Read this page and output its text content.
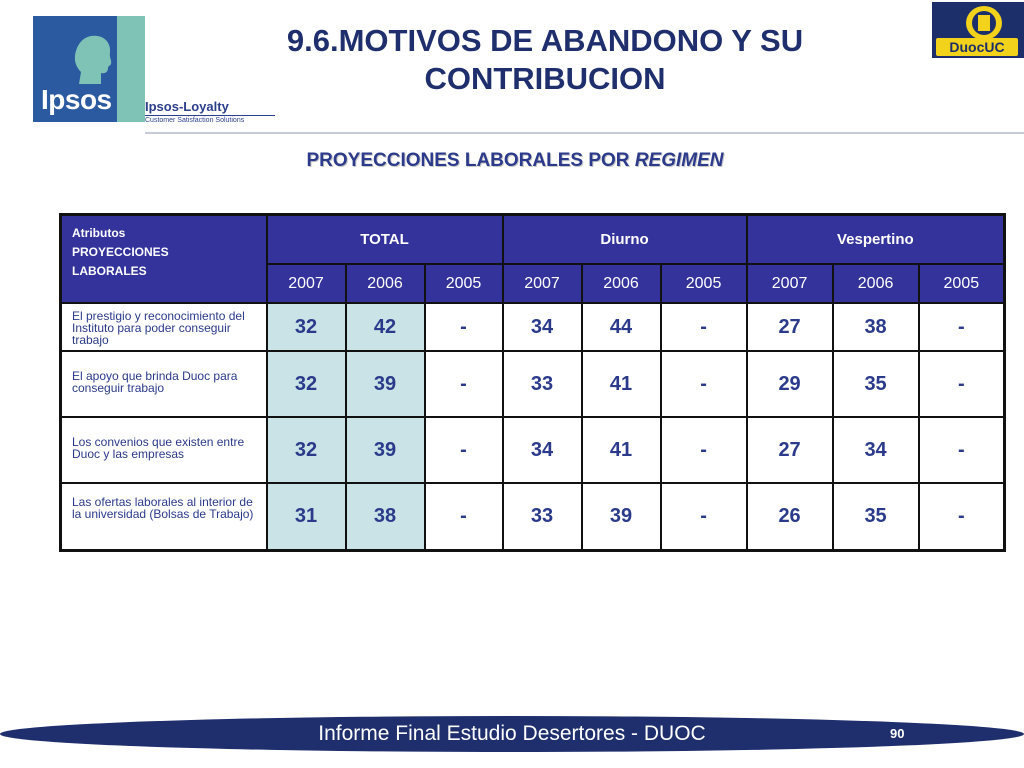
Ipsos	Ipsos-Loyalty
Customer Satisfaction Solutions
DuocUC
9.6.MOTIVOS DE ABANDONO Y SU
CONTRIBUCION
PROYECCIONES LABORALES POR REGIMEN
Atributos
PROYECCIONES
LABORALES	TOTAL			Diurno			Vespertino		
	2007	2006	2005	2007	2006	2005	2007	2006	2005
El prestigio y reconocimiento del Instituto para poder conseguir trabajo	32	42	-	34	44	-	27	38	-
El apoyo que brinda Duoc para conseguir trabajo	32	39	-	33	41	-	29	35	-
Los convenios que existen entre Duoc y las empresas	32	39	-	34	41	-	27	34	-
Las ofertas laborales al interior de la universidad (Bolsas de Trabajo)	31	38	-	33	39	-	26	35	-
Informe Final Estudio Desertores - DUOC	90
